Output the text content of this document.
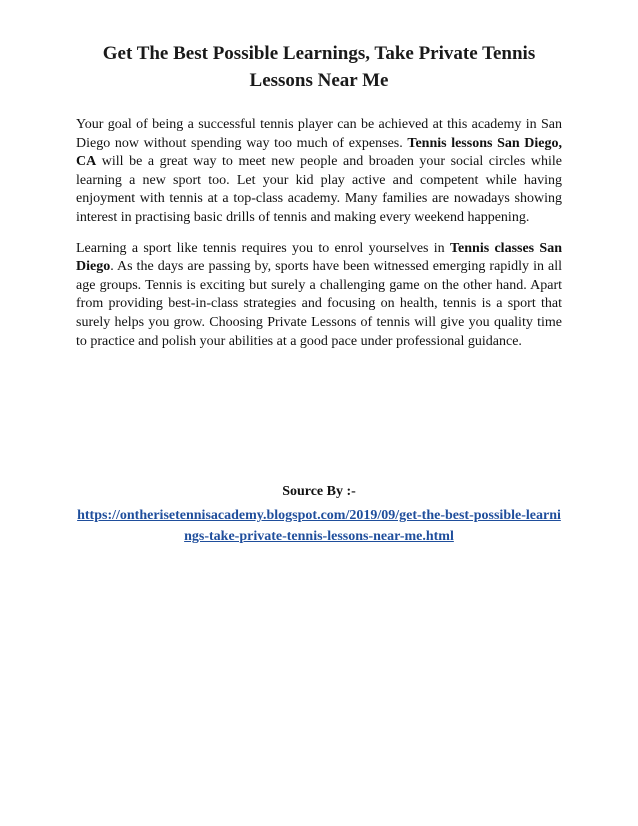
Get The Best Possible Learnings, Take Private Tennis Lessons Near Me

Your goal of being a successful tennis player can be achieved at this academy in San Diego now without spending way too much of expenses. Tennis lessons San Diego, CA will be a great way to meet new people and broaden your social circles while learning a new sport too. Let your kid play active and competent while having enjoyment with tennis at a top-class academy. Many families are nowadays showing interest in practising basic drills of tennis and making every weekend happening.

Learning a sport like tennis requires you to enrol yourselves in Tennis classes San Diego. As the days are passing by, sports have been witnessed emerging rapidly in all age groups. Tennis is exciting but surely a challenging game on the other hand. Apart from providing best-in-class strategies and focusing on health, tennis is a sport that surely helps you grow. Choosing Private Lessons of tennis will give you quality time to practice and polish your abilities at a good pace under professional guidance.

Source By :-

https://ontherisetennisacademy.blogspot.com/2019/09/get-the-best-possible-learnings-take-private-tennis-lessons-near-me.html
